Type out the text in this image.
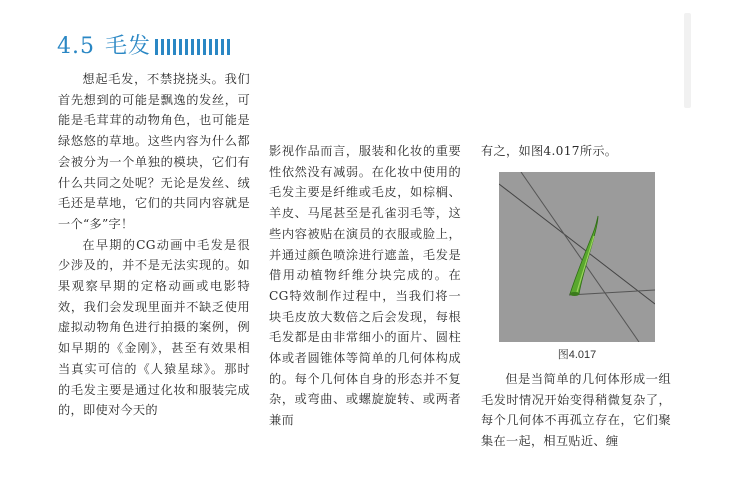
4.5 毛发

想起毛发，不禁挠挠头。我们首先想到的可能是飘逸的发丝，可能是毛茸茸的动物角色，也可能是绿悠悠的草地。这些内容为什么都会被分为一个单独的模块，它们有什么共同之处呢？无论是发丝、绒毛还是草地，它们的共同内容就是一个“多”字！

在早期的CG动画中毛发是很少涉及的，并不是无法实现的。如果观察早期的定格动画或电影特效，我们会发现里面并不缺乏使用虚拟动物角色进行拍摄的案例，例如早期的《金刚》，甚至有效果相当真实可信的《人猿星球》。那时的毛发主要是通过化妆和服装完成的，即使对今天的

影视作品而言，服装和化妆的重要性依然没有减弱。在化妆中使用的毛发主要是纤维或毛皮，如棕榈、羊皮、马尾甚至是孔雀羽毛等，这些内容被贴在演员的衣服或脸上，并通过颜色喷涂进行遮盖，毛发是借用动植物纤维分块完成的。在CG特效制作过程中，当我们将一块毛皮放大数倍之后会发现，每根毛发都是由非常细小的面片、圆柱体或者圆锥体等简单的几何体构成的。每个几何体自身的形态并不复杂，或弯曲、或螺旋旋转、或两者兼而

有之，如图4.017所示。

图4.017

但是当简单的几何体形成一组毛发时情况开始变得稍微复杂了，每个几何体不再孤立存在，它们聚集在一起，相互贴近、缠
